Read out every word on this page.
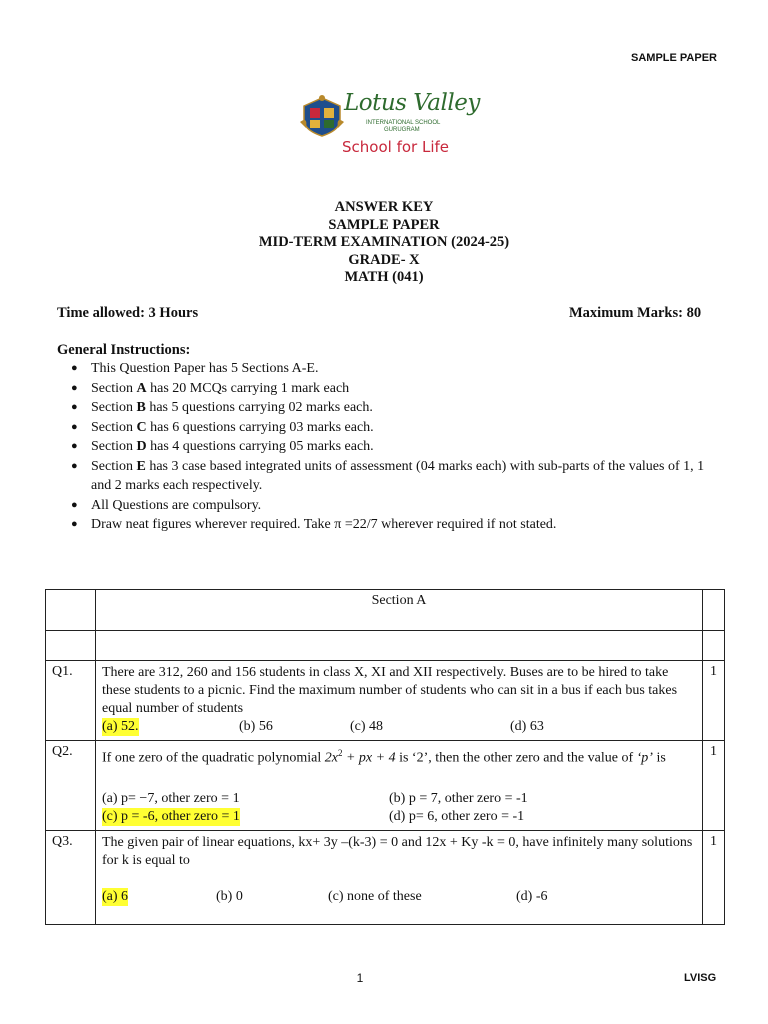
SAMPLE PAPER
Lotus Valley
INTERNATIONAL SCHOOL
GURUGRAM
School for Life
ANSWER KEY
SAMPLE PAPER
MID-TERM EXAMINATION (2024-25)
GRADE- X
MATH (041)
Time allowed: 3 Hours	Maximum Marks: 80
General Instructions:
● This Question Paper has 5 Sections A-E.
● Section A has 20 MCQs carrying 1 mark each
● Section B has 5 questions carrying 02 marks each.
● Section C has 6 questions carrying 03 marks each.
● Section D has 4 questions carrying 05 marks each.
● Section E has 3 case based integrated units of assessment (04 marks each) with sub-parts of the values of 1, 1 and 2 marks each respectively.
● All Questions are compulsory.
● Draw neat figures wherever required. Take π =22/7 wherever required if not stated.
	Section A	

Q1.	There are 312, 260 and 156 students in class X, XI and XII respectively. Buses are to be hired to take these students to a picnic. Find the maximum number of students who can sit in a bus if each bus takes equal number of students
(a) 52. (b) 56 (c) 48 (d) 63	1
Q2.	If one zero of the quadratic polynomial $2x^2$ + px + 4 is ‘2’, then the other zero and the value of ‘p’ is
(a) p= −7, other zero = 1 (b) p = 7, other zero = -1
(c) p = -6, other zero = 1 (d) p= 6, other zero = -1	1
Q3.	The given pair of linear equations, kx+ 3y –(k-3) = 0 and 12x + Ky -k = 0, have infinitely many solutions for k is equal to
(a) 6 (b) 0 (c) none of these (d) -6	1
1	LVISG
